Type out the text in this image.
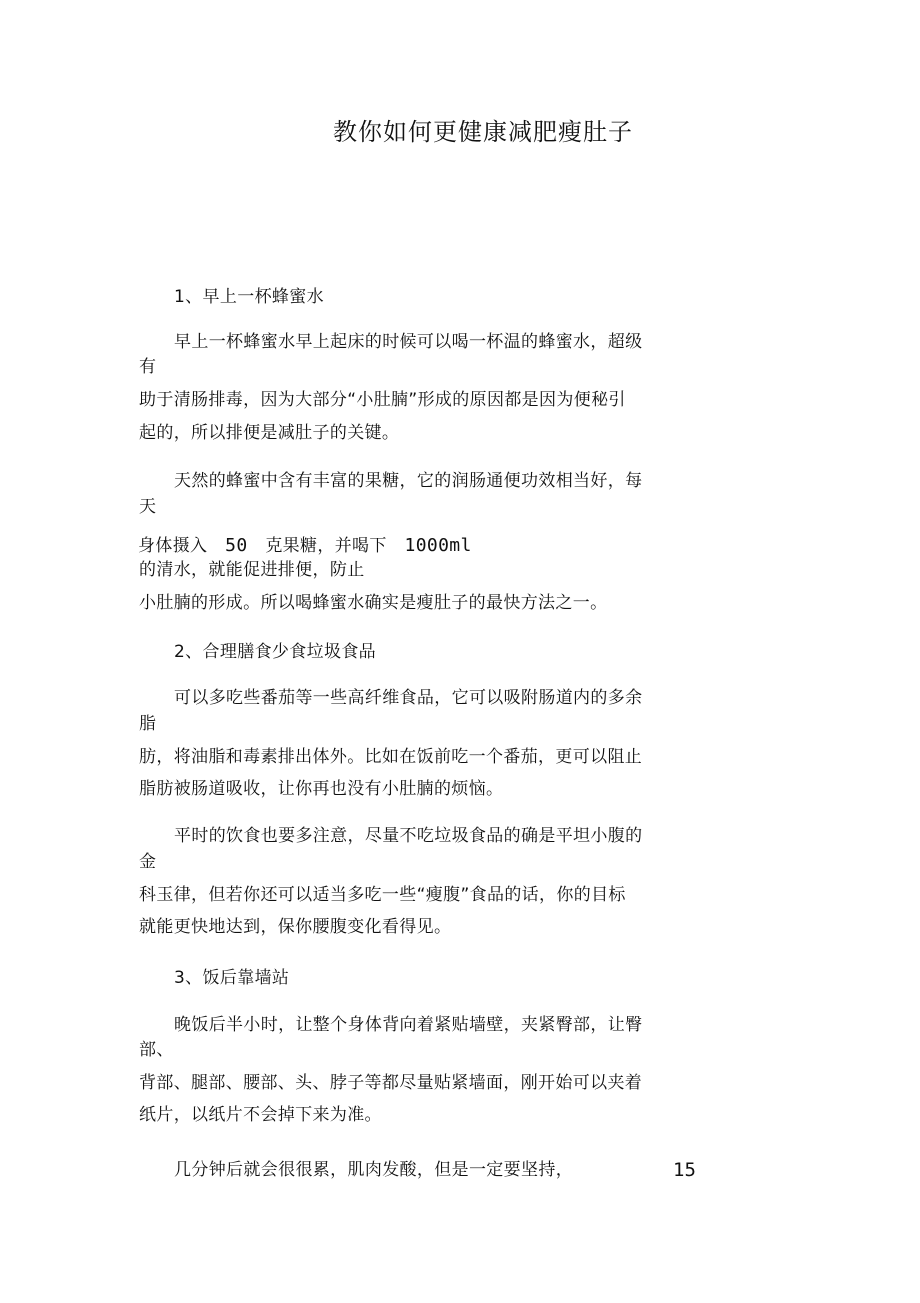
教你如何更健康减肥瘦肚子
1、早上一杯蜂蜜水
早上一杯蜂蜜水早上起床的时候可以喝一杯温的蜂蜜水，超级
有
助于清肠排毒，因为大部分“小肚腩”形成的原因都是因为便秘引
起的，所以排便是减肚子的关键。
天然的蜂蜜中含有丰富的果糖，它的润肠通便功效相当好，每
天
身体摄入 50 克果糖，并喝下 1000ml
的清水，就能促进排便，防止
小肚腩的形成。所以喝蜂蜜水确实是瘦肚子的最快方法之一。
2、合理膳食少食垃圾食品
可以多吃些番茄等一些高纤维食品，它可以吸附肠道内的多余
脂
肪，将油脂和毒素排出体外。比如在饭前吃一个番茄，更可以阻止
脂肪被肠道吸收，让你再也没有小肚腩的烦恼。
平时的饮食也要多注意，尽量不吃垃圾食品的确是平坦小腹的
金
科玉律，但若你还可以适当多吃一些“瘦腹”食品的话，你的目标
就能更快地达到，保你腰腹变化看得见。
3、饭后靠墙站
晚饭后半小时，让整个身体背向着紧贴墙壁，夹紧臀部，让臀
部、
背部、腿部、腰部、头、脖子等都尽量贴紧墙面，刚开始可以夹着
纸片，以纸片不会掉下来为准。
几分钟后就会很很累，肌肉发酸，但是一定要坚持，	15
